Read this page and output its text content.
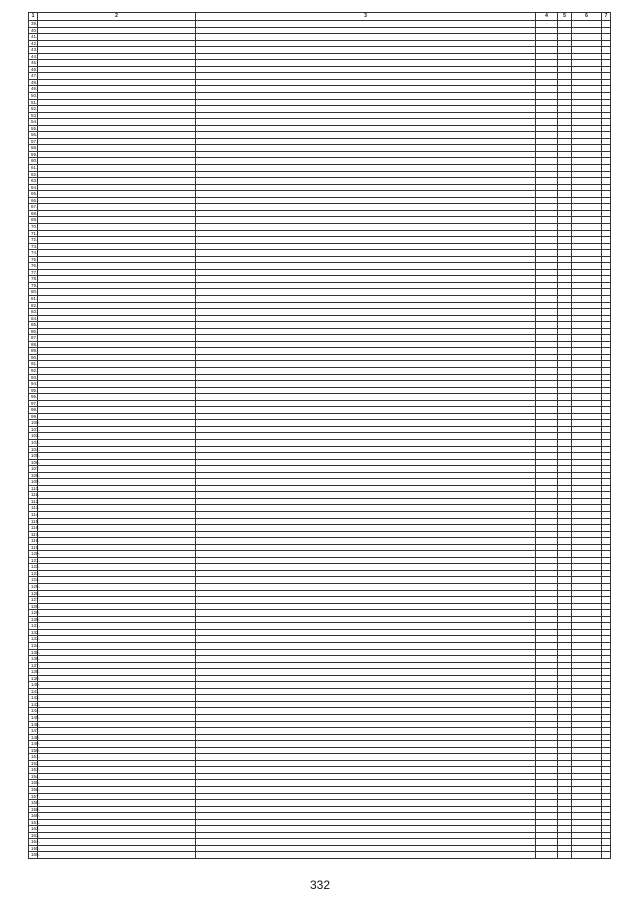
1	2	3	4	5	6	7
39.						
40.						
41.						
42.						
43.						
44.						
45.						
46.						
47.						
48.						
49.						
50.						
51.						
52.						
53.						
54.						
55.						
56.						
57.						
58.						
59.						
60.						
61.						
62.						
63.						
64.						
65.						
66.						
67.						
68.						
69.						
70.						
71.						
72.						
73.						
74.						
75.						
76.						
77.						
78.						
79.						
80.						
81.						
82.						
83.						
84.						
85.						
86.						
87.						
88.						
89.						
90.						
91.						
92.						
93.						
94.						
95.						
96.						
97.						
98.						
99.						
100.						
101.						
102.						
103.						
104.						
105.						
106.						
107.						
108.						
109.						
110.						
111.						
112.						
113.						
114.						
115.						
116.						
117.						
118.						
119.						
120.						
121.						
122.						
123.						
124.						
125.						
126.						
127.						
128.						
129.						
130.						
131.						
132.						
133.						
134.						
135.						
136.						
137.						
138.						
139.						
140.						
141.						
142.						
143.						
144.						
145.						
146.						
147.						
148.						
149.						
150.						
151.						
152.						
153.						
154.						
155.						
156.						
157.						
158.						
159.						
160.						
161.						
162.						
163.						
164.						
165.						
166.						
332
